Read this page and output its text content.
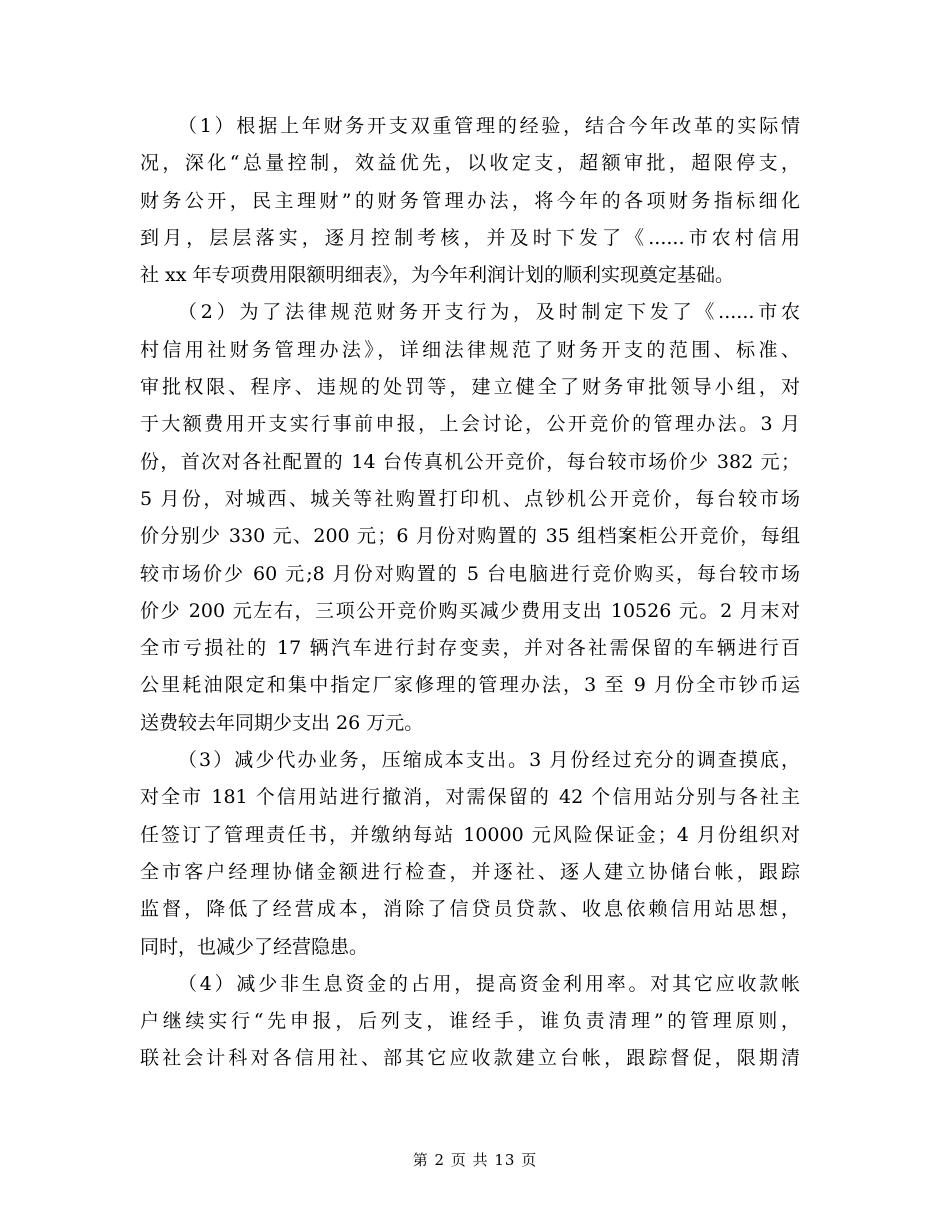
（1）根据上年财务开支双重管理的经验，结合今年改革的实际情
况，深化“总量控制，效益优先，以收定支，超额审批，超限停支，
财务公开，民主理财”的财务管理办法，将今年的各项财务指标细化
到月，层层落实，逐月控制考核，并及时下发了《......市农村信用
社 xx 年专项费用限额明细表》，为今年利润计划的顺利实现奠定基础。
（2）为了法律规范财务开支行为，及时制定下发了《......市农
村信用社财务管理办法》，详细法律规范了财务开支的范围、标准、
审批权限、程序、违规的处罚等，建立健全了财务审批领导小组，对
于大额费用开支实行事前申报，上会讨论，公开竞价的管理办法。3 月
份，首次对各社配置的 14 台传真机公开竞价，每台较市场价少 382 元；
5 月份，对城西、城关等社购置打印机、点钞机公开竞价，每台较市场
价分别少 330 元、200 元；6 月份对购置的 35 组档案柜公开竞价，每组
较市场价少 60 元;8 月份对购置的 5 台电脑进行竞价购买，每台较市场
价少 200 元左右，三项公开竞价购买减少费用支出 10526 元。2 月末对
全市亏损社的 17 辆汽车进行封存变卖，并对各社需保留的车辆进行百
公里耗油限定和集中指定厂家修理的管理办法，3 至 9 月份全市钞币运
送费较去年同期少支出 26 万元。
（3）减少代办业务，压缩成本支出。3 月份经过充分的调查摸底，
对全市 181 个信用站进行撤消，对需保留的 42 个信用站分别与各社主
任签订了管理责任书，并缴纳每站 10000 元风险保证金；4 月份组织对
全市客户经理协储金额进行检查，并逐社、逐人建立协储台帐，跟踪
监督，降低了经营成本，消除了信贷员贷款、收息依赖信用站思想，
同时，也减少了经营隐患。
（4）减少非生息资金的占用，提高资金利用率。对其它应收款帐
户继续实行“先申报，后列支，谁经手，谁负责清理”的管理原则，
联社会计科对各信用社、部其它应收款建立台帐，跟踪督促，限期清
第 2 页 共 13 页
